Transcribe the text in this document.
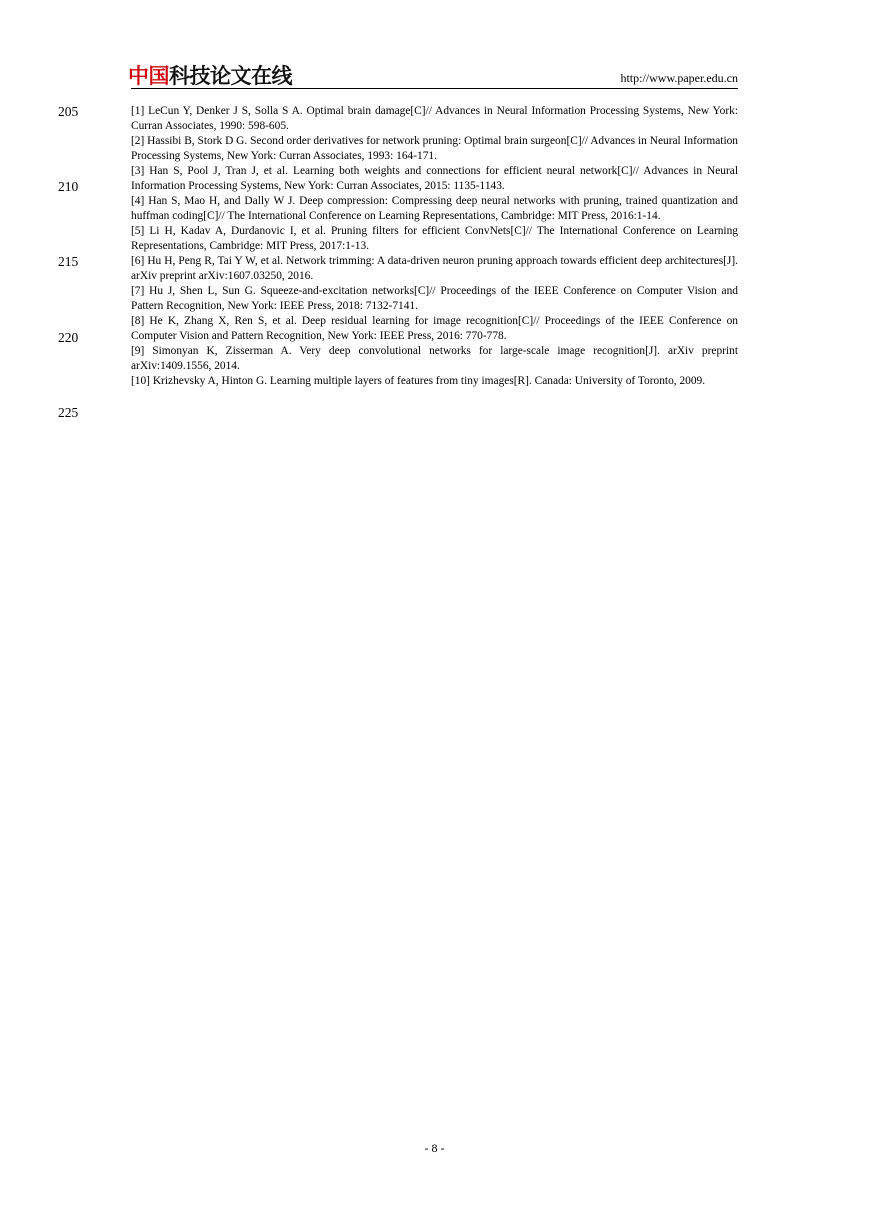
中国科技论文在线	http://www.paper.edu.cn
205
210
215
220
225

[1] LeCun Y, Denker J S, Solla S A. Optimal brain damage[C]// Advances in Neural Information Processing Systems, New York: Curran Associates, 1990: 598-605.

[2] Hassibi B, Stork D G. Second order derivatives for network pruning: Optimal brain surgeon[C]// Advances in Neural Information Processing Systems, New York: Curran Associates, 1993: 164-171.

[3] Han S, Pool J, Tran J, et al. Learning both weights and connections for efficient neural network[C]// Advances in Neural Information Processing Systems, New York: Curran Associates, 2015: 1135-1143.

[4] Han S, Mao H, and Dally W J. Deep compression: Compressing deep neural networks with pruning, trained quantization and huffman coding[C]// The International Conference on Learning Representations, Cambridge: MIT Press, 2016:1-14.

[5] Li H, Kadav A, Durdanovic I, et al. Pruning filters for efficient ConvNets[C]// The International Conference on Learning Representations, Cambridge: MIT Press, 2017:1-13.

[6] Hu H, Peng R, Tai Y W, et al. Network trimming: A data-driven neuron pruning approach towards efficient deep architectures[J]. arXiv preprint arXiv:1607.03250, 2016.

[7] Hu J, Shen L, Sun G. Squeeze-and-excitation networks[C]// Proceedings of the IEEE Conference on Computer Vision and Pattern Recognition, New York: IEEE Press, 2018: 7132-7141.

[8] He K, Zhang X, Ren S, et al. Deep residual learning for image recognition[C]// Proceedings of the IEEE Conference on Computer Vision and Pattern Recognition, New York: IEEE Press, 2016: 770-778.

[9] Simonyan K, Zisserman A. Very deep convolutional networks for large-scale image recognition[J]. arXiv preprint arXiv:1409.1556, 2014.

[10] Krizhevsky A, Hinton G. Learning multiple layers of features from tiny images[R]. Canada: University of Toronto, 2009.

- 8 -
